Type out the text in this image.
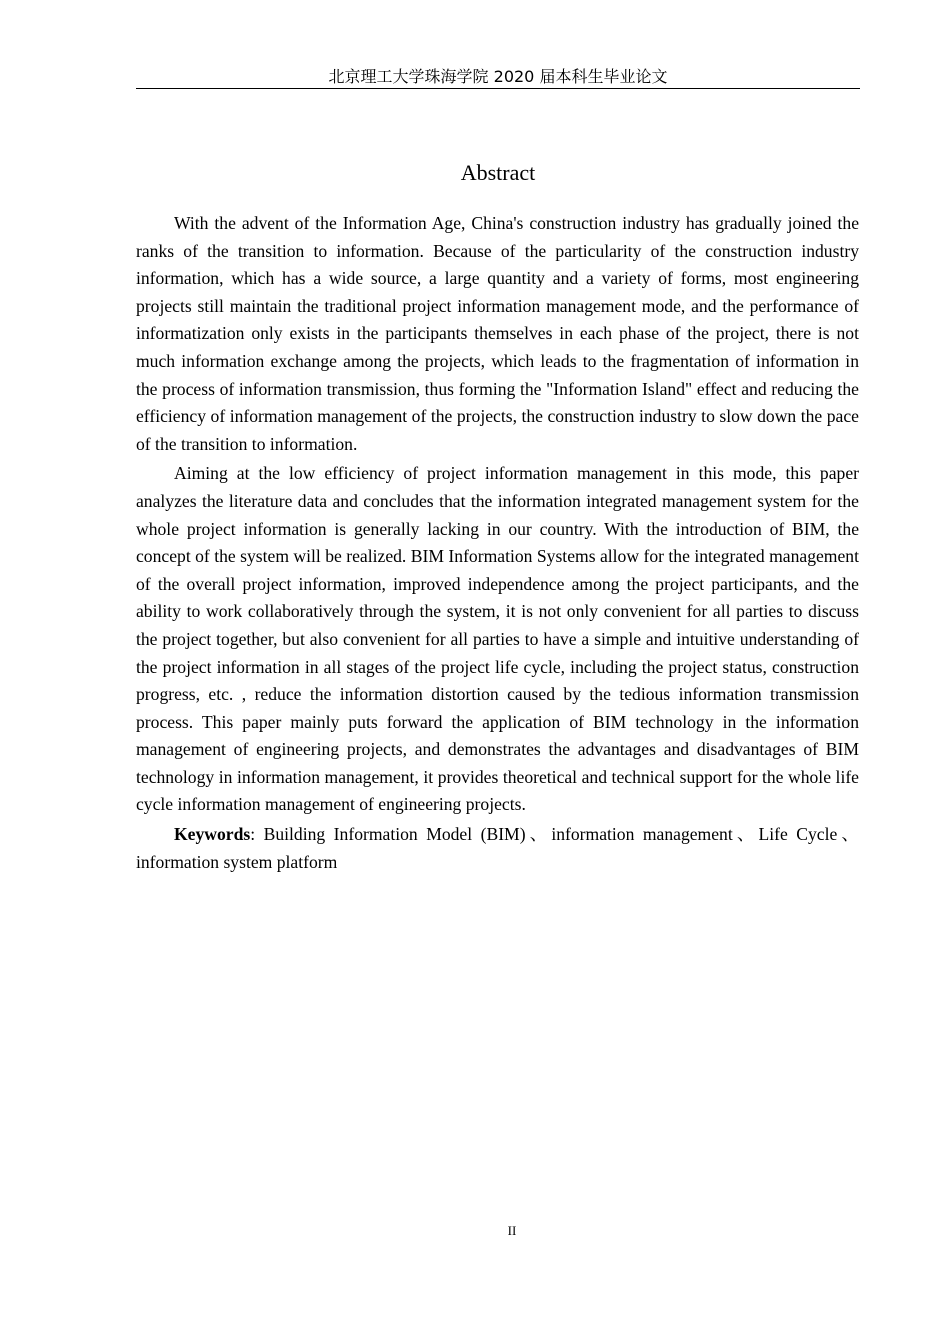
北京理工大学珠海学院 2020 届本科生毕业论文
Abstract

With the advent of the Information Age, China's construction industry has gradually joined the ranks of the transition to information. Because of the particularity of the construction industry information, which has a wide source, a large quantity and a variety of forms, most engineering projects still maintain the traditional project information management mode, and the performance of informatization only exists in the participants themselves in each phase of the project, there is not much information exchange among the projects, which leads to the fragmentation of information in the process of information transmission, thus forming the "Information Island" effect and reducing the efficiency of information management of the projects, the construction industry to slow down the pace of the transition to information.

Aiming at the low efficiency of project information management in this mode, this paper analyzes the literature data and concludes that the information integrated management system for the whole project information is generally lacking in our country. With the introduction of BIM, the concept of the system will be realized. BIM Information Systems allow for the integrated management of the overall project information, improved independence among the project participants, and the ability to work collaboratively through the system, it is not only convenient for all parties to discuss the project together, but also convenient for all parties to have a simple and intuitive understanding of the project information in all stages of the project life cycle, including the project status, construction progress, etc. , reduce the information distortion caused by the tedious information transmission process. This paper mainly puts forward the application of BIM technology in the information management of engineering projects, and demonstrates the advantages and disadvantages of BIM technology in information management, it provides theoretical and technical support for the whole life cycle information management of engineering projects.

Keywords: Building Information Model (BIM)、information management、Life Cycle、information system platform

II
